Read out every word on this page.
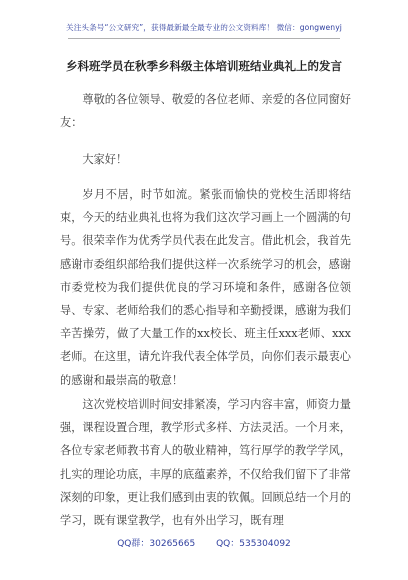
关注头条号“公文研究”，获得最新最全最专业的公文资料库！ 微信：gongwenyj
乡科班学员在秋季乡科级主体培训班结业典礼上的发言
尊敬的各位领导、敬爱的各位老师、亲爱的各位同窗好友：
大家好！
岁月不居，时节如流。紧张而愉快的党校生活即将结束，今天的结业典礼也将为我们这次学习画上一个圆满的句号。很荣幸作为优秀学员代表在此发言。借此机会，我首先感谢市委组织部给我们提供这样一次系统学习的机会，感谢市委党校为我们提供优良的学习环境和条件，感谢各位领导、专家、老师给我们的悉心指导和辛勤授课，感谢为我们辛苦操劳，做了大量工作的xx校长、班主任xxx老师、xxx老师。在这里，请允许我代表全体学员，向你们表示最衷心的感谢和最崇高的敬意！
这次党校培训时间安排紧凑，学习内容丰富，师资力量强，课程设置合理，教学形式多样、方法灵活。一个月来，各位专家老师教书育人的敬业精神，笃行厚学的教学学风，扎实的理论功底，丰厚的底蕴素养，不仅给我们留下了非常深刻的印象，更让我们感到由衷的钦佩。回顾总结一个月的学习，既有课堂教学，也有外出学习，既有理
QQ群：30265665 QQ：535304092
